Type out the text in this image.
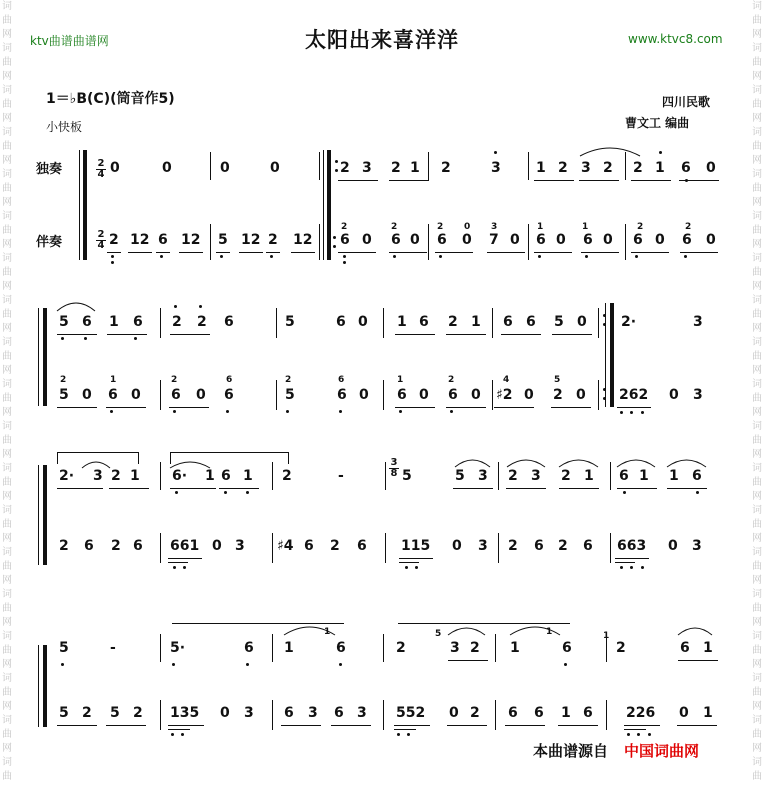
词
曲
网
词
曲
网
词
曲
网
词
曲
网
词
曲
网
词
曲
网
词
曲
网
词
曲
网
词
曲
网
词
曲
网
词
曲
网
词
曲
网
词
曲
网
词
曲
网
词
曲
网
词
曲
网
词
曲
网
词
曲
网
词
曲
词
曲
网
词
曲
网
词
曲
网
词
曲
网
词
曲
网
词
曲
网
词
曲
网
词
曲
网
词
曲
网
词
曲
网
词
曲
网
词
曲
网
词
曲
网
词
曲
网
词
曲
网
词
曲
网
词
曲
网
词
曲
网
词
曲
ktv曲谱曲谱网	太阳出来喜洋洋	www.ktvc8.com
1＝♭B(C)(筒音作5)
小快板
四川民歌
曹文工 编曲
独奏
伴奏
2
4
2
4
0	0	0	0	2 3 2 1 2	3	1 2 3 2 2 1 6 0
2	2	2 0 3	1	1	2	2
2 12 6 12 5 12 2 12 6 0 6 0 6 0 7 0 6 0 6 0 6 0 6 0
5 6 1 6 2 2 6	5	6 0 1 6 2 1 6 6 5 0 2·	3
2	1	2	6	2	6	1	2	4	5
5 0 6 0 6 0 6	5	6 0 6 0 6 0 ♯2 0 2 0 262 0 3
2· 3 2 1 6· 1 6 1 2	-	5	5 3 2 3 2 1 6 1 1 6
3
8
2 6 2 6 661 0 3 ♯4 6 2 6 115 0 3 2 6 2 6 663 0 3
5	-	5·	6 1	6	2	3 2 1	6	2	6 1
1	5	1	1
5 2 5 2 135 0 3 6 3 6 3 552 0 2 6 6 1 6 226 0 1
本曲谱源自 中国词曲网
